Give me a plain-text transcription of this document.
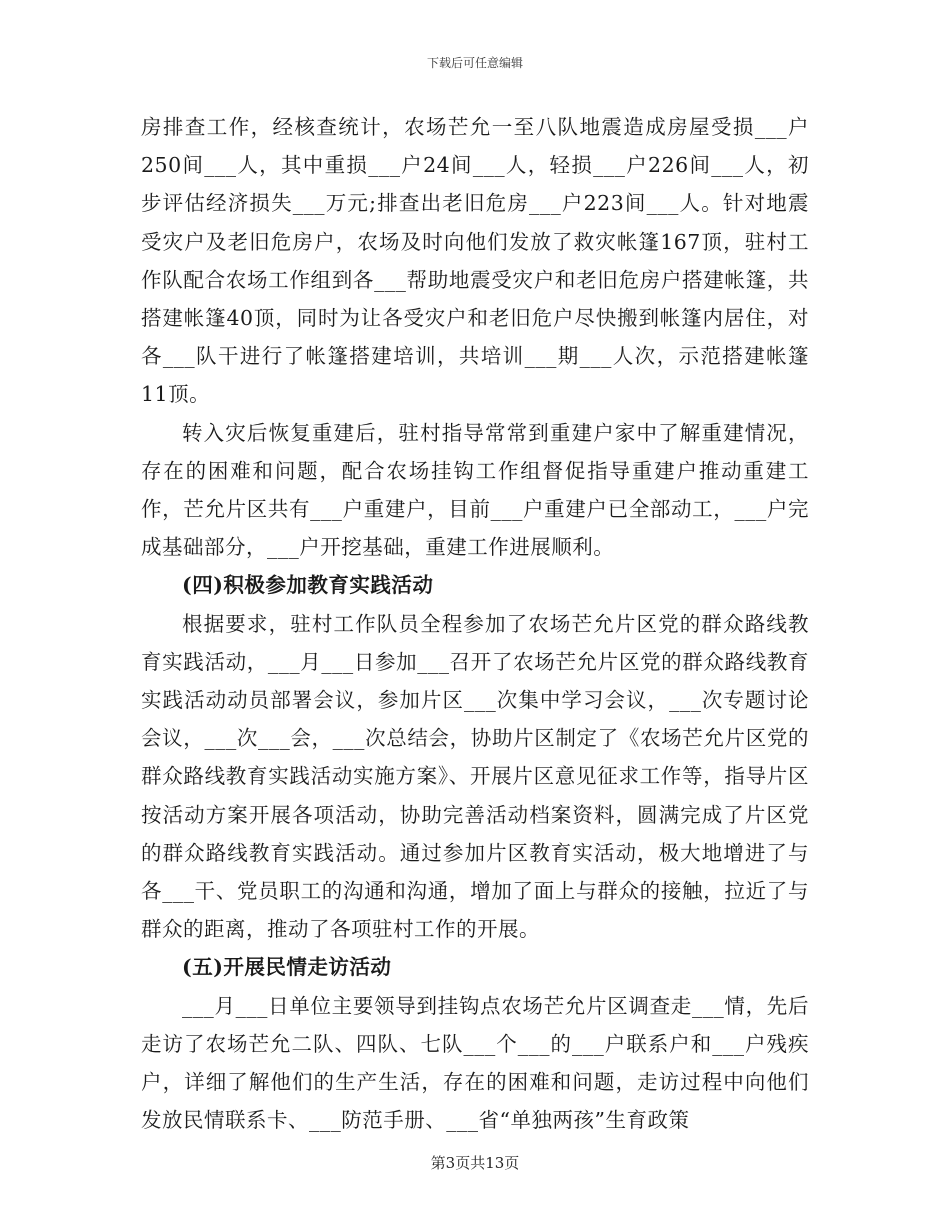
下载后可任意编辑

房排查工作，经核查统计，农场芒允一至八队地震造成房屋受损___户250间___人，其中重损___户24间___人，轻损___户226间___人，初步评估经济损失___万元;排查出老旧危房___户223间___人。针对地震受灾户及老旧危房户，农场及时向他们发放了救灾帐篷167顶，驻村工作队配合农场工作组到各___帮助地震受灾户和老旧危房户搭建帐篷，共搭建帐篷40顶，同时为让各受灾户和老旧危户尽快搬到帐篷内居住，对各___队干进行了帐篷搭建培训，共培训___期___人次，示范搭建帐篷11顶。

转入灾后恢复重建后，驻村指导常常到重建户家中了解重建情况，存在的困难和问题，配合农场挂钩工作组督促指导重建户推动重建工作，芒允片区共有___户重建户，目前___户重建户已全部动工，___户完成基础部分，___户开挖基础，重建工作进展顺利。

(四)积极参加教育实践活动

根据要求，驻村工作队员全程参加了农场芒允片区党的群众路线教育实践活动，___月___日参加___召开了农场芒允片区党的群众路线教育实践活动动员部署会议，参加片区___次集中学习会议，___次专题讨论会议，___次___会，___次总结会，协助片区制定了《农场芒允片区党的群众路线教育实践活动实施方案》、开展片区意见征求工作等，指导片区按活动方案开展各项活动，协助完善活动档案资料，圆满完成了片区党的群众路线教育实践活动。通过参加片区教育实活动，极大地增进了与各___干、党员职工的沟通和沟通，增加了面上与群众的接触，拉近了与群众的距离，推动了各项驻村工作的开展。

(五)开展民情走访活动

___月___日单位主要领导到挂钩点农场芒允片区调查走___情，先后走访了农场芒允二队、四队、七队___个___的___户联系户和___户残疾户，详细了解他们的生产生活，存在的困难和问题，走访过程中向他们发放民情联系卡、___防范手册、___省“单独两孩”生育政策

第3页共13页
